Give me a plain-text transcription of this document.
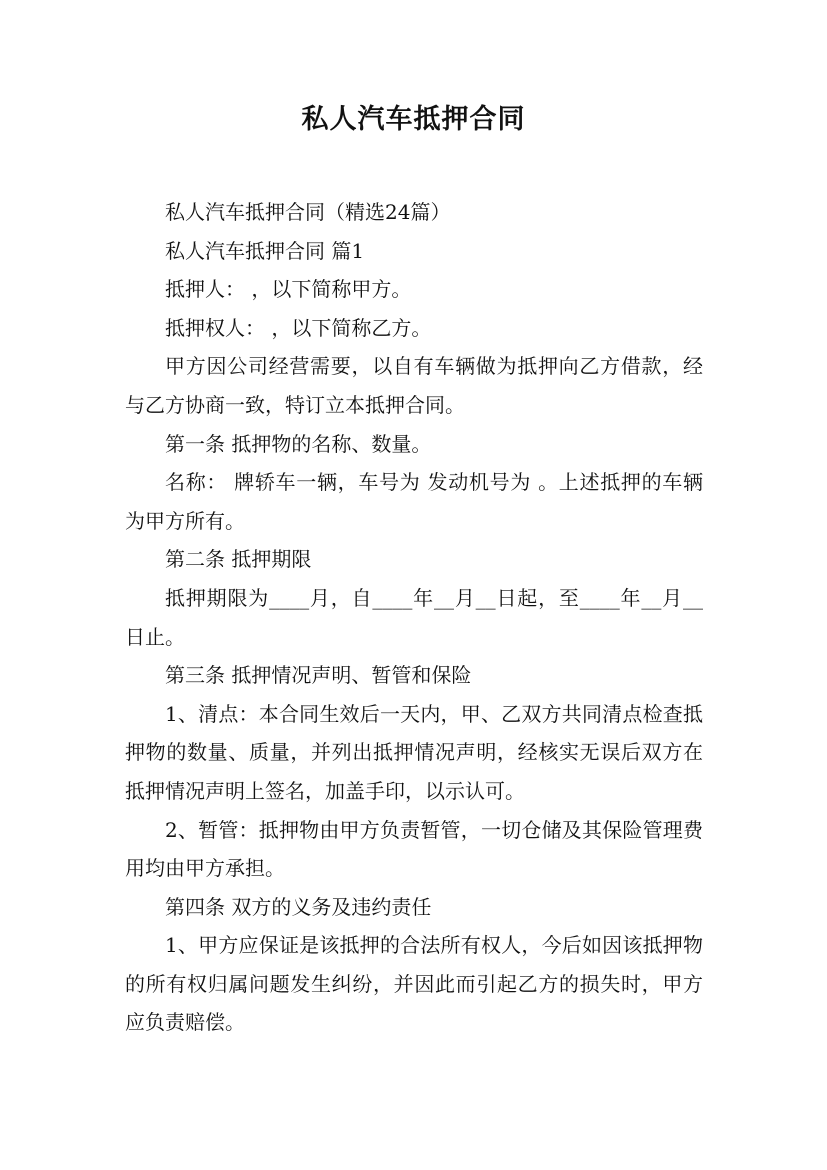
私人汽车抵押合同

私人汽车抵押合同（精选24篇）

私人汽车抵押合同 篇1

抵押人： ，以下简称甲方。

抵押权人： ，以下简称乙方。

甲方因公司经营需要，以自有车辆做为抵押向乙方借款，经与乙方协商一致，特订立本抵押合同。

第一条 抵押物的名称、数量。

名称： 牌轿车一辆，车号为 发动机号为 。上述抵押的车辆为甲方所有。

第二条 抵押期限

抵押期限为____月，自____年__月__日起，至____年__月__日止。

第三条 抵押情况声明、暂管和保险

1、清点：本合同生效后一天内，甲、乙双方共同清点检查抵押物的数量、质量，并列出抵押情况声明，经核实无误后双方在抵押情况声明上签名，加盖手印，以示认可。

2、暂管：抵押物由甲方负责暂管，一切仓储及其保险管理费用均由甲方承担。

第四条 双方的义务及违约责任

1、甲方应保证是该抵押的合法所有权人，今后如因该抵押物的所有权归属问题发生纠纷，并因此而引起乙方的损失时，甲方应负责赔偿。
